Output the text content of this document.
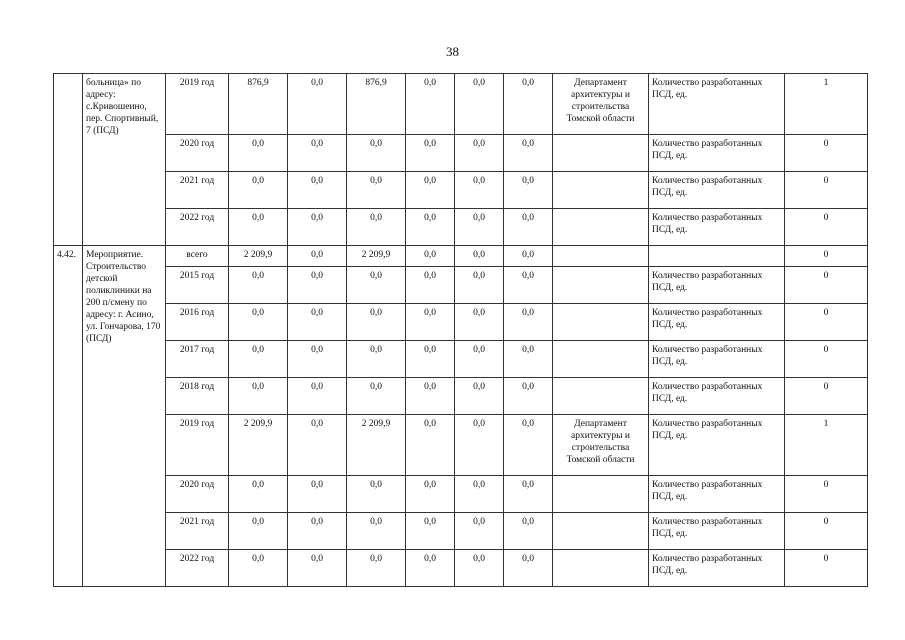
38
	больница» по адресу: с.Кривошеино, пер. Спортивный, 7 (ПСД)	2019 год	876,9	0,0	876,9	0,0	0,0	0,0	Департамент архитектуры и строительства Томской области	Количество разработанных ПСД, ед.	1
		2020 год	0,0	0,0	0,0	0,0	0,0	0,0		Количество разработанных ПСД, ед.	0
		2021 год	0,0	0,0	0,0	0,0	0,0	0,0		Количество разработанных ПСД, ед.	0
		2022 год	0,0	0,0	0,0	0,0	0,0	0,0		Количество разработанных ПСД, ед.	0
4.42.	Мероприятие. Строительство детской поликлиники на 200 п/смену по адресу: г. Асино, ул. Гончарова, 170 (ПСД)	всего	2 209,9	0,0	2 209,9	0,0	0,0	0,0			0
		2015 год	0,0	0,0	0,0	0,0	0,0	0,0		Количество разработанных ПСД, ед.	0
		2016 год	0,0	0,0	0,0	0,0	0,0	0,0		Количество разработанных ПСД, ед.	0
		2017 год	0,0	0,0	0,0	0,0	0,0	0,0		Количество разработанных ПСД, ед.	0
		2018 год	0,0	0,0	0,0	0,0	0,0	0,0		Количество разработанных ПСД, ед.	0
		2019 год	2 209,9	0,0	2 209,9	0,0	0,0	0,0	Департамент архитектуры и строительства Томской области	Количество разработанных ПСД, ед.	1
		2020 год	0,0	0,0	0,0	0,0	0,0	0,0		Количество разработанных ПСД, ед.	0
		2021 год	0,0	0,0	0,0	0,0	0,0	0,0		Количество разработанных ПСД, ед.	0
		2022 год	0,0	0,0	0,0	0,0	0,0	0,0		Количество разработанных ПСД, ед.	0
